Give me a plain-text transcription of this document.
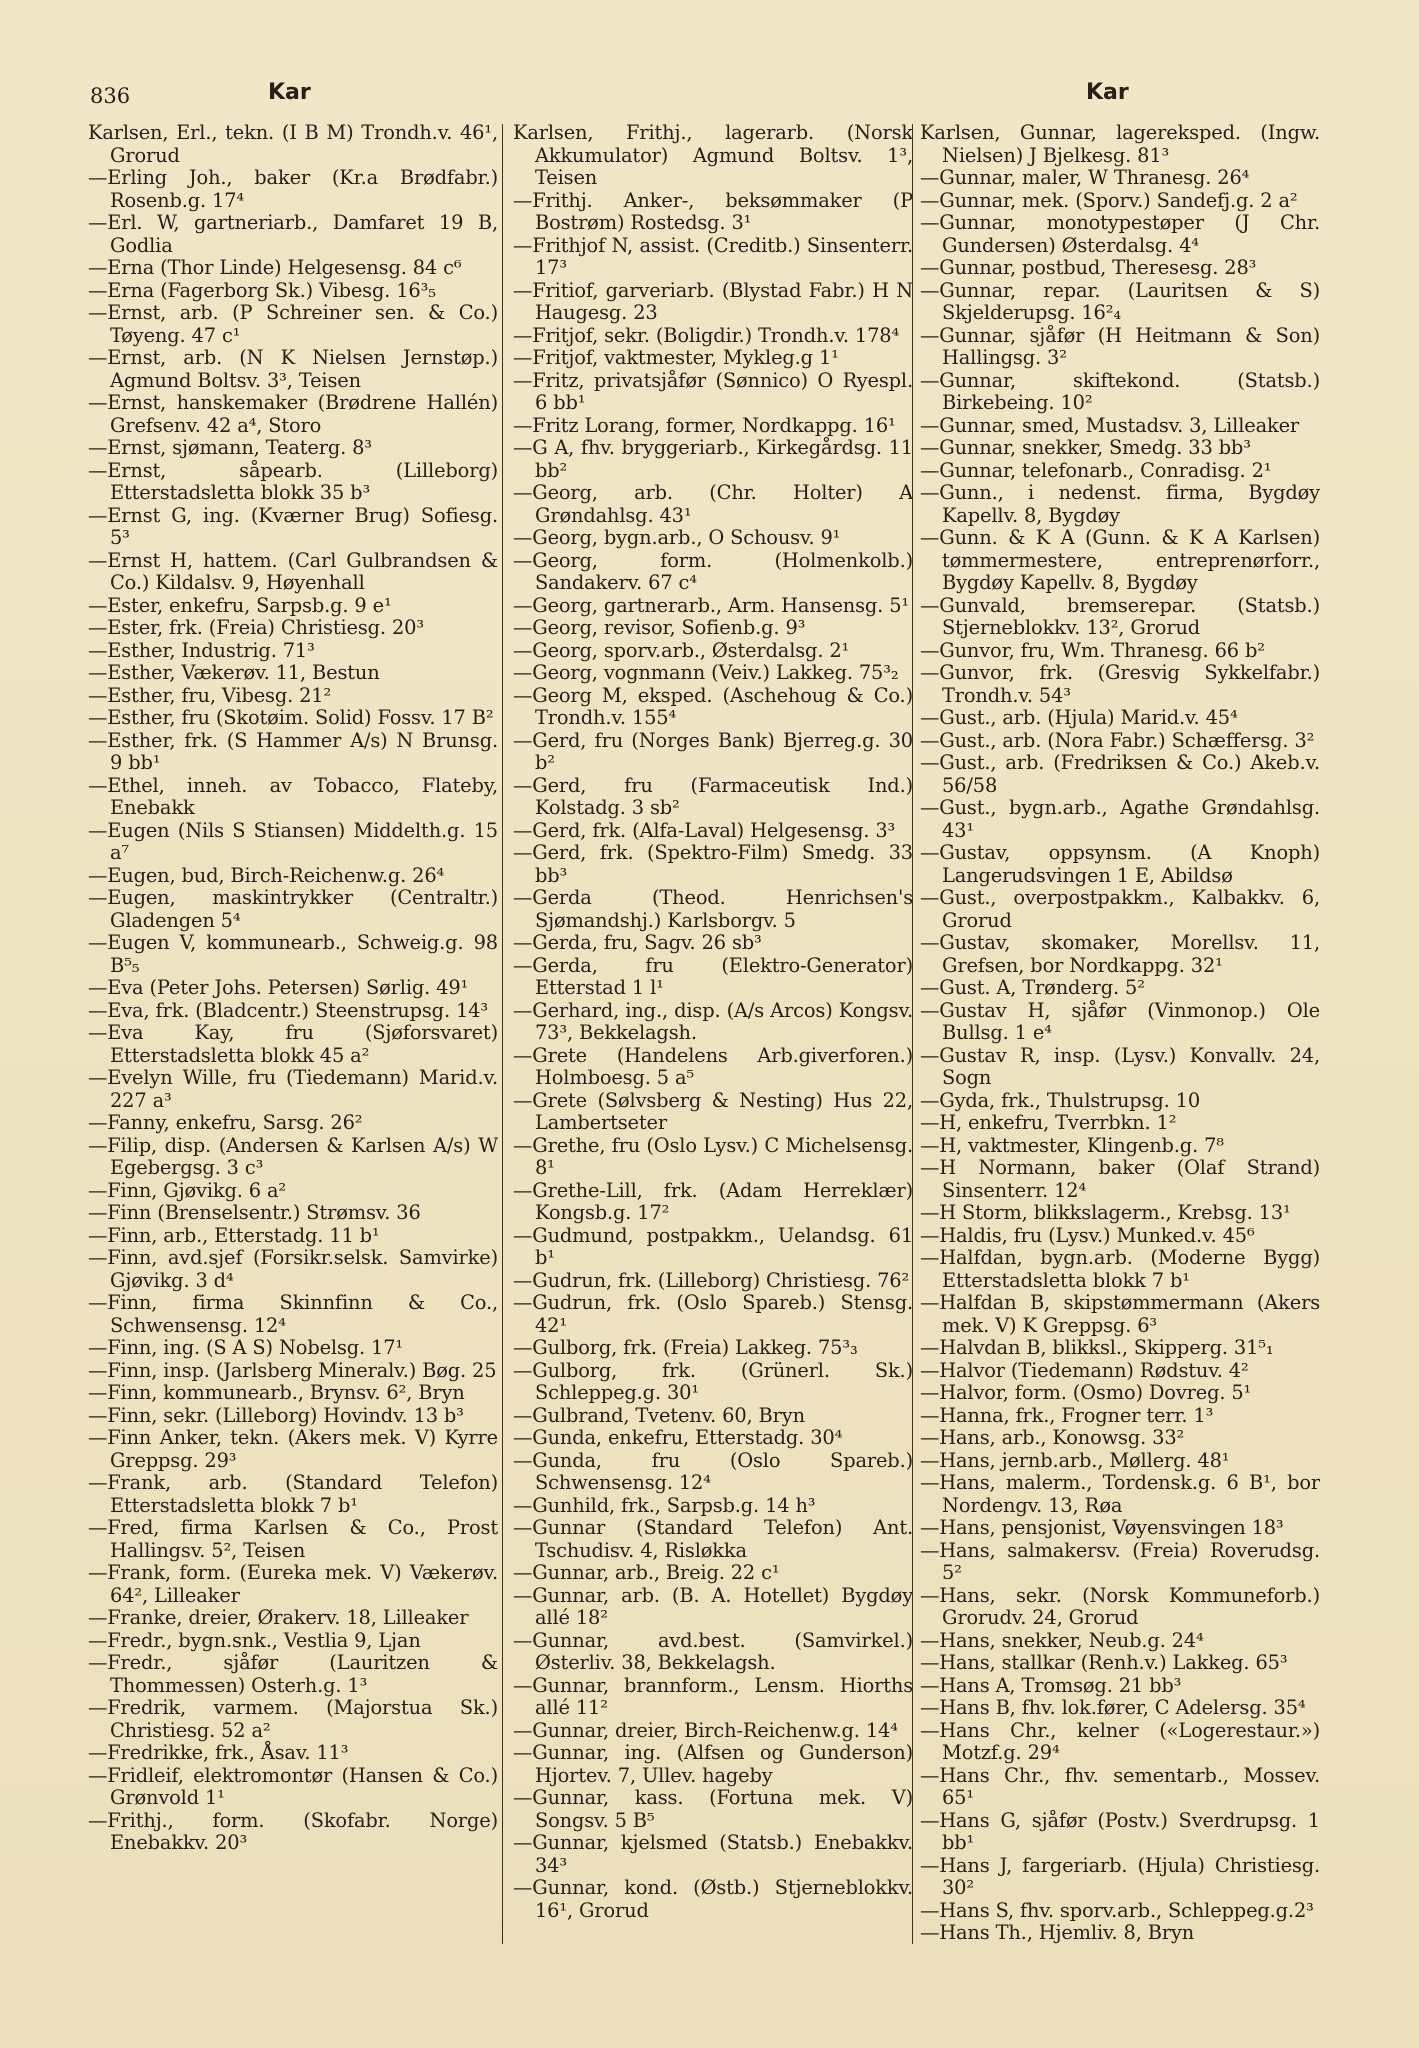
836	Kar	Kar
Karlsen, Erl., tekn. (I B M) Trondh.v. 46¹, Grorud
—Erling Joh., baker (Kr.a Brødfabr.) Rosenb.g. 17⁴
—Erl. W, gartneriarb., Damfaret 19 B, Godlia
—Erna (Thor Linde) Helgesensg. 84 c⁶
—Erna (Fagerborg Sk.) Vibesg. 16³₅
—Ernst, arb. (P Schreiner sen. & Co.) Tøyeng. 47 c¹
—Ernst, arb. (N K Nielsen Jernstøp.) Agmund Boltsv. 3³, Teisen
—Ernst, hanskemaker (Brødrene Hallén) Grefsenv. 42 a⁴, Storo
—Ernst, sjømann, Teaterg. 8³
—Ernst, såpearb. (Lilleborg) Etterstadsletta blokk 35 b³
—Ernst G, ing. (Kværner Brug) Sofiesg. 5³
—Ernst H, hattem. (Carl Gulbrandsen & Co.) Kildalsv. 9, Høyenhall
—Ester, enkefru, Sarpsb.g. 9 e¹
—Ester, frk. (Freia) Christiesg. 20³
—Esther, Industrig. 71³
—Esther, Vækerøv. 11, Bestun
—Esther, fru, Vibesg. 21²
—Esther, fru (Skotøim. Solid) Fossv. 17 B²
—Esther, frk. (S Hammer A/s) N Brunsg. 9 bb¹
—Ethel, inneh. av Tobacco, Flateby, Enebakk
—Eugen (Nils S Stiansen) Middelth.g. 15 a⁷
—Eugen, bud, Birch-Reichenw.g. 26⁴
—Eugen, maskintrykker (Centraltr.) Gladengen 5⁴
—Eugen V, kommunearb., Schweig.g. 98 B⁵₅
—Eva (Peter Johs. Petersen) Sørlig. 49¹
—Eva, frk. (Bladcentr.) Steenstrupsg. 14³
—Eva Kay, fru (Sjøforsvaret) Etterstadsletta blokk 45 a²
—Evelyn Wille, fru (Tiedemann) Marid.v. 227 a³
—Fanny, enkefru, Sarsg. 26²
—Filip, disp. (Andersen & Karlsen A/s) W Egebergsg. 3 c³
—Finn, Gjøvikg. 6 a²
—Finn (Brenselsentr.) Strømsv. 36
—Finn, arb., Etterstadg. 11 b¹
—Finn, avd.sjef (Forsikr.selsk. Samvirke) Gjøvikg. 3 d⁴
—Finn, firma Skinnfinn & Co., Schwensensg. 12⁴
—Finn, ing. (S A S) Nobelsg. 17¹
—Finn, insp. (Jarlsberg Mineralv.) Bøg. 25
—Finn, kommunearb., Brynsv. 6², Bryn
—Finn, sekr. (Lilleborg) Hovindv. 13 b³
—Finn Anker, tekn. (Akers mek. V) Kyrre Greppsg. 29³
—Frank, arb. (Standard Telefon) Etterstadsletta blokk 7 b¹
—Fred, firma Karlsen & Co., Prost Hallingsv. 5², Teisen
—Frank, form. (Eureka mek. V) Vækerøv. 64², Lilleaker
—Franke, dreier, Ørakerv. 18, Lilleaker
—Fredr., bygn.snk., Vestlia 9, Ljan
—Fredr., sjåfør (Lauritzen & Thommessen) Osterh.g. 1³
—Fredrik, varmem. (Majorstua Sk.) Christiesg. 52 a²
—Fredrikke, frk., Åsav. 11³
—Fridleif, elektromontør (Hansen & Co.) Grønvold 1¹
—Frithj., form. (Skofabr. Norge) Enebakkv. 20³
Karlsen, Frithj., lagerarb. (Norsk Akkumulator) Agmund Boltsv. 1³, Teisen
—Frithj. Anker-, beksømmaker (P Bostrøm) Rostedsg. 3¹
—Frithjof N, assist. (Creditb.) Sinsenterr. 17³
—Fritiof, garveriarb. (Blystad Fabr.) H N Haugesg. 23
—Fritjof, sekr. (Boligdir.) Trondh.v. 178⁴
—Fritjof, vaktmester, Mykleg.g 1¹
—Fritz, privatsjåfør (Sønnico) O Ryespl. 6 bb¹
—Fritz Lorang, former, Nordkappg. 16¹
—G A, fhv. bryggeriarb., Kirkegårdsg. 11 bb²
—Georg, arb. (Chr. Holter) A Grøndahlsg. 43¹
—Georg, bygn.arb., O Schousv. 9¹
—Georg, form. (Holmenkolb.) Sandakerv. 67 c⁴
—Georg, gartnerarb., Arm. Hansensg. 5¹
—Georg, revisor, Sofienb.g. 9³
—Georg, sporv.arb., Østerdalsg. 2¹
—Georg, vognmann (Veiv.) Lakkeg. 75³₂
—Georg M, eksped. (Aschehoug & Co.) Trondh.v. 155⁴
—Gerd, fru (Norges Bank) Bjerreg.g. 30 b²
—Gerd, fru (Farmaceutisk Ind.) Kolstadg. 3 sb²
—Gerd, frk. (Alfa-Laval) Helgesensg. 3³
—Gerd, frk. (Spektro-Film) Smedg. 33 bb³
—Gerda (Theod. Henrichsen's Sjømandshj.) Karlsborgv. 5
—Gerda, fru, Sagv. 26 sb³
—Gerda, fru (Elektro-Generator) Etterstad 1 l¹
—Gerhard, ing., disp. (A/s Arcos) Kongsv. 73³, Bekkelagsh.
—Grete (Handelens Arb.giverforen.) Holmboesg. 5 a⁵
—Grete (Sølvsberg & Nesting) Hus 22, Lambertseter
—Grethe, fru (Oslo Lysv.) C Michelsensg. 8¹
—Grethe-Lill, frk. (Adam Herreklær) Kongsb.g. 17²
—Gudmund, postpakkm., Uelandsg. 61 b¹
—Gudrun, frk. (Lilleborg) Christiesg. 76²
—Gudrun, frk. (Oslo Spareb.) Stensg. 42¹
—Gulborg, frk. (Freia) Lakkeg. 75³₃
—Gulborg, frk. (Grünerl. Sk.) Schleppeg.g. 30¹
—Gulbrand, Tvetenv. 60, Bryn
—Gunda, enkefru, Etterstadg. 30⁴
—Gunda, fru (Oslo Spareb.) Schwensensg. 12⁴
—Gunhild, frk., Sarpsb.g. 14 h³
—Gunnar (Standard Telefon) Ant. Tschudisv. 4, Risløkka
—Gunnar, arb., Breig. 22 c¹
—Gunnar, arb. (B. A. Hotellet) Bygdøy allé 18²
—Gunnar, avd.best. (Samvirkel.) Østerliv. 38, Bekkelagsh.
—Gunnar, brannform., Lensm. Hiorths allé 11²
—Gunnar, dreier, Birch-Reichenw.g. 14⁴
—Gunnar, ing. (Alfsen og Gunderson) Hjortev. 7, Ullev. hageby
—Gunnar, kass. (Fortuna mek. V) Songsv. 5 B⁵
—Gunnar, kjelsmed (Statsb.) Enebakkv. 34³
—Gunnar, kond. (Østb.) Stjerneblokkv. 16¹, Grorud
Karlsen, Gunnar, lagereksped. (Ingw. Nielsen) J Bjelkesg. 81³
—Gunnar, maler, W Thranesg. 26⁴
—Gunnar, mek. (Sporv.) Sandefj.g. 2 a²
—Gunnar, monotypestøper (J Chr. Gundersen) Østerdalsg. 4⁴
—Gunnar, postbud, Theresesg. 28³
—Gunnar, repar. (Lauritsen & S) Skjelderupsg. 16²₄
—Gunnar, sjåfør (H Heitmann & Son) Hallingsg. 3²
—Gunnar, skiftekond. (Statsb.) Birkebeing. 10²
—Gunnar, smed, Mustadsv. 3, Lilleaker
—Gunnar, snekker, Smedg. 33 bb³
—Gunnar, telefonarb., Conradisg. 2¹
—Gunn., i nedenst. firma, Bygdøy Kapellv. 8, Bygdøy
—Gunn. & K A (Gunn. & K A Karlsen) tømmermestere, entreprenørforr., Bygdøy Kapellv. 8, Bygdøy
—Gunvald, bremserepar. (Statsb.) Stjerneblokkv. 13², Grorud
—Gunvor, fru, Wm. Thranesg. 66 b²
—Gunvor, frk. (Gresvig Sykkelfabr.) Trondh.v. 54³
—Gust., arb. (Hjula) Marid.v. 45⁴
—Gust., arb. (Nora Fabr.) Schæffersg. 3²
—Gust., arb. (Fredriksen & Co.) Akeb.v. 56/58
—Gust., bygn.arb., Agathe Grøndahlsg. 43¹
—Gustav, oppsynsm. (A Knoph) Langerudsvingen 1 E, Abildsø
—Gust., overpostpakkm., Kalbakkv. 6, Grorud
—Gustav, skomaker, Morellsv. 11, Grefsen, bor Nordkappg. 32¹
—Gust. A, Trønderg. 5²
—Gustav H, sjåfør (Vinmonop.) Ole Bullsg. 1 e⁴
—Gustav R, insp. (Lysv.) Konvallv. 24, Sogn
—Gyda, frk., Thulstrupsg. 10
—H, enkefru, Tverrbkn. 1²
—H, vaktmester, Klingenb.g. 7⁸
—H Normann, baker (Olaf Strand) Sinsenterr. 12⁴
—H Storm, blikkslagerm., Krebsg. 13¹
—Haldis, fru (Lysv.) Munked.v. 45⁶
—Halfdan, bygn.arb. (Moderne Bygg) Etterstadsletta blokk 7 b¹
—Halfdan B, skipstømmermann (Akers mek. V) K Greppsg. 6³
—Halvdan B, blikksl., Skipperg. 31⁵₁
—Halvor (Tiedemann) Rødstuv. 4²
—Halvor, form. (Osmo) Dovreg. 5¹
—Hanna, frk., Frogner terr. 1³
—Hans, arb., Konowsg. 33²
—Hans, jernb.arb., Møllerg. 48¹
—Hans, malerm., Tordensk.g. 6 B¹, bor Nordengv. 13, Røa
—Hans, pensjonist, Vøyensvingen 18³
—Hans, salmakersv. (Freia) Roverudsg. 5²
—Hans, sekr. (Norsk Kommuneforb.) Grorudv. 24, Grorud
—Hans, snekker, Neub.g. 24⁴
—Hans, stallkar (Renh.v.) Lakkeg. 65³
—Hans A, Tromsøg. 21 bb³
—Hans B, fhv. lok.fører, C Adelersg. 35⁴
—Hans Chr., kelner («Logerestaur.») Motzf.g. 29⁴
—Hans Chr., fhv. sementarb., Mossev. 65¹
—Hans G, sjåfør (Postv.) Sverdrupsg. 1 bb¹
—Hans J, fargeriarb. (Hjula) Christiesg. 30²
—Hans S, fhv. sporv.arb., Schleppeg.g.2³
—Hans Th., Hjemliv. 8, Bryn
